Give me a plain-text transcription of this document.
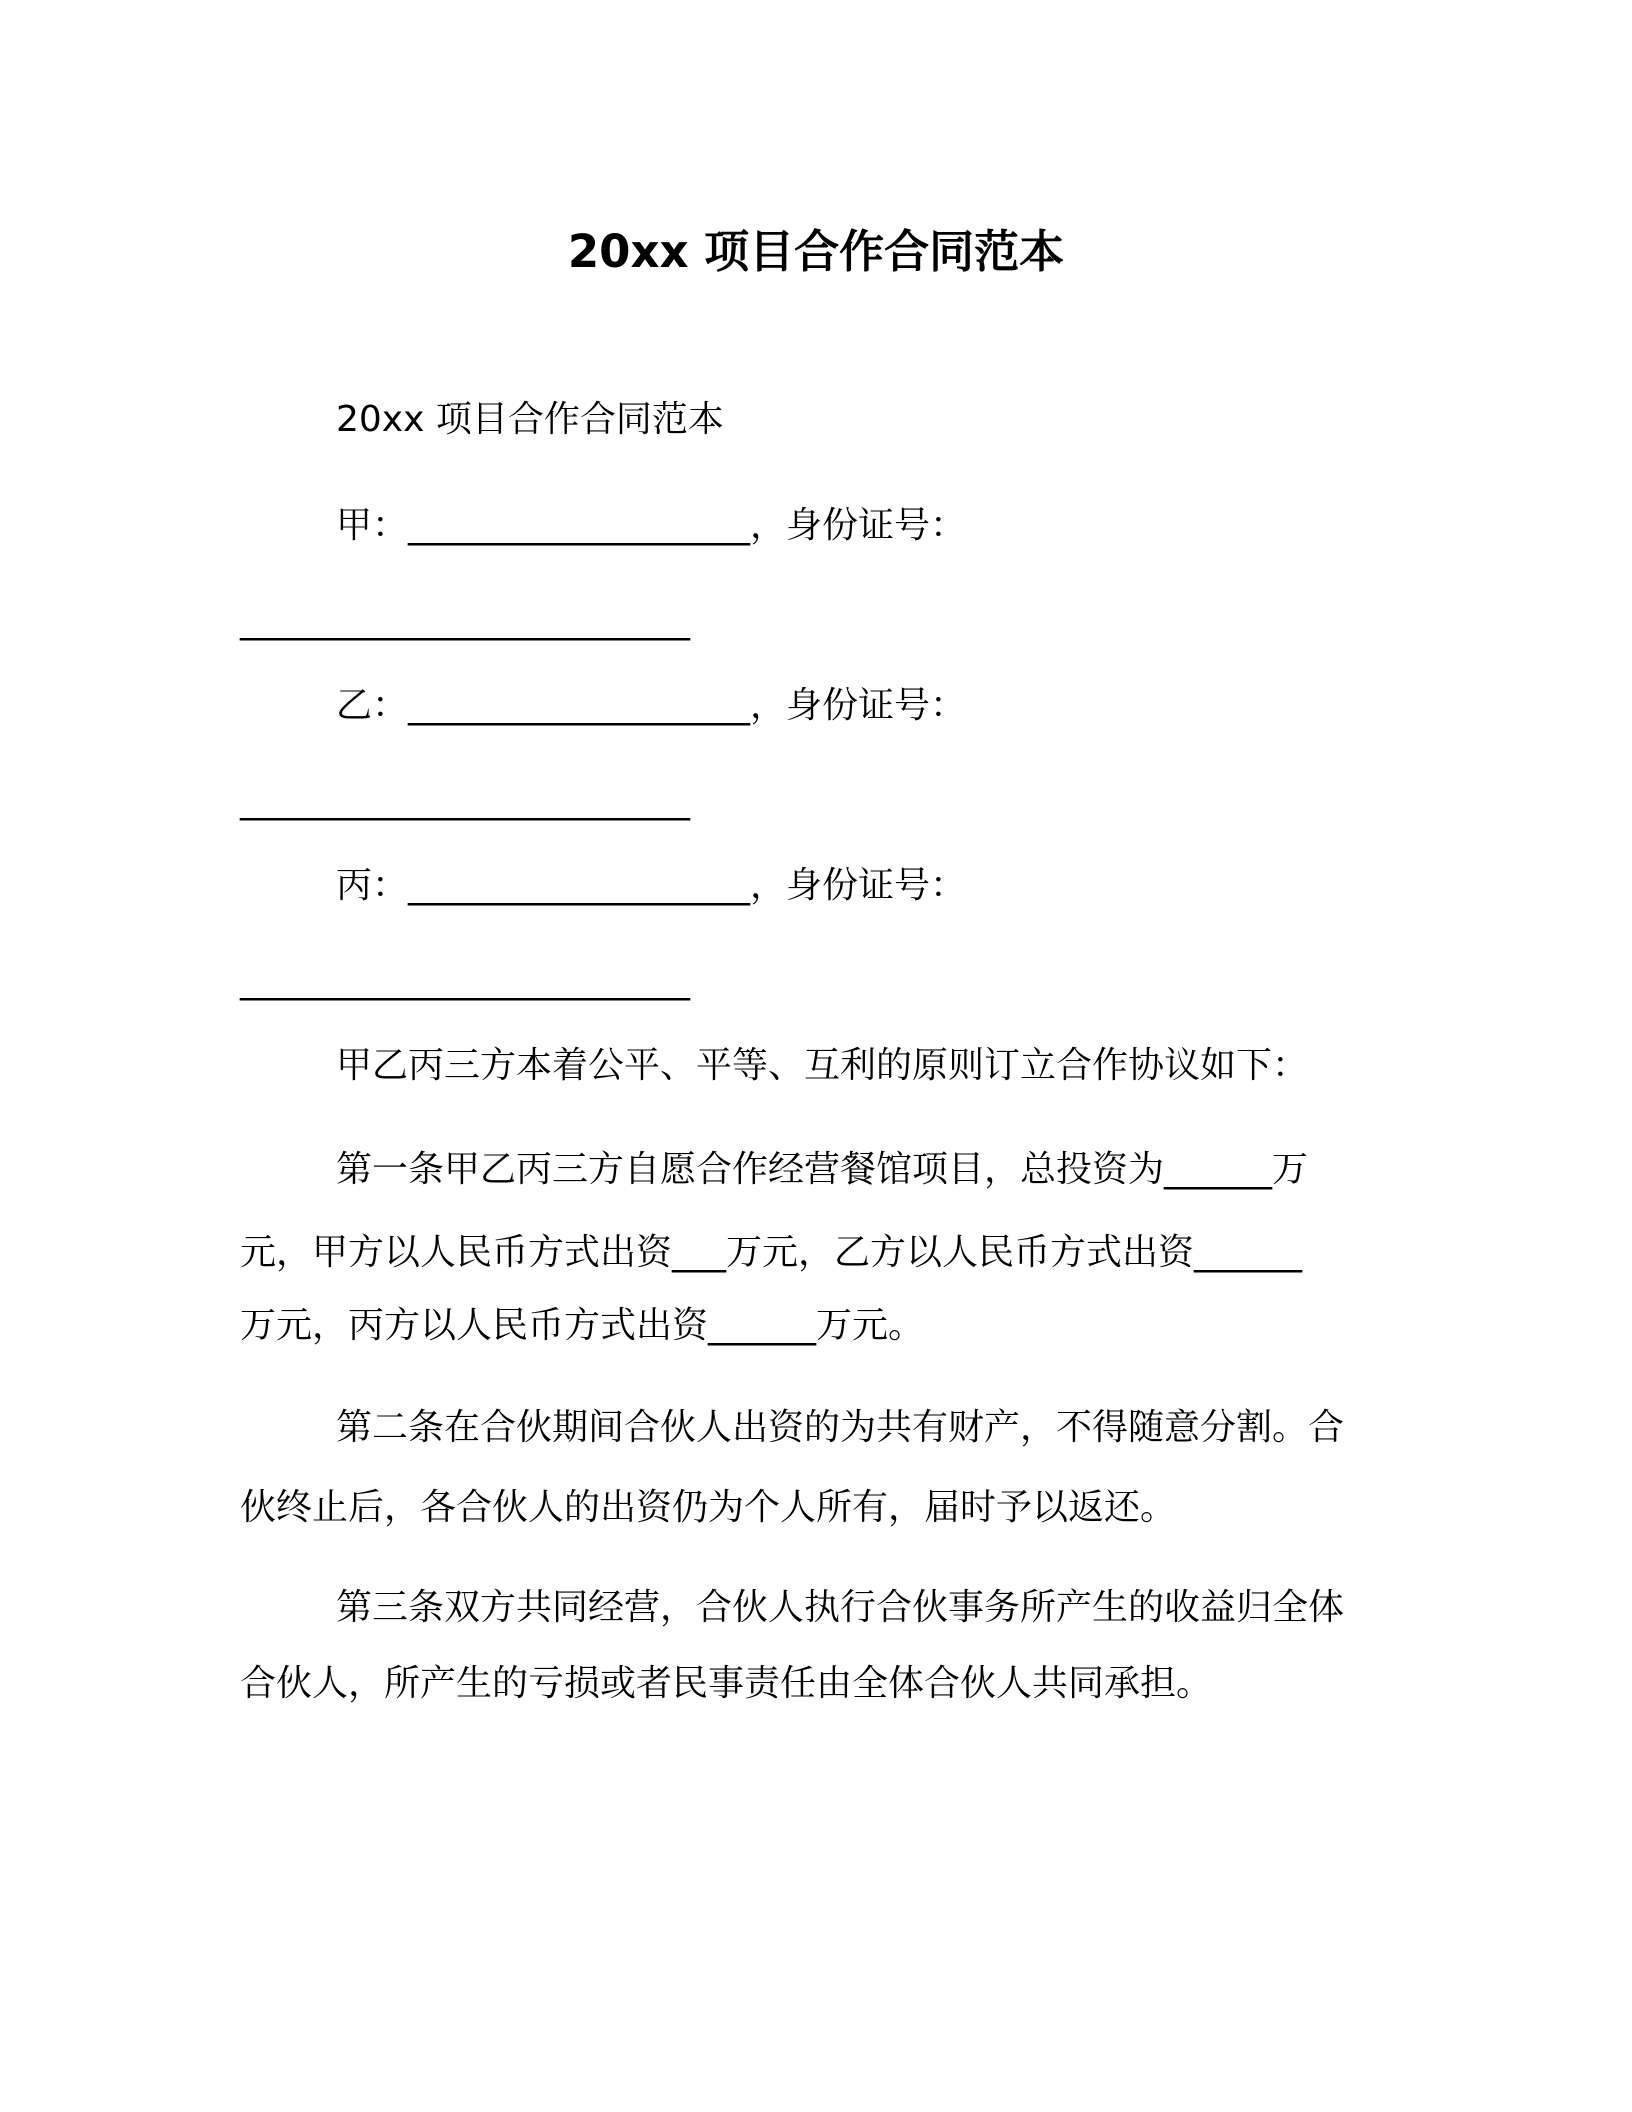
20xx 项目合作合同范本
20xx 项目合作合同范本
甲：___________________，身份证号：
_________________________
乙：___________________，身份证号：
_________________________
丙：___________________，身份证号：
_________________________
甲乙丙三方本着公平、平等、互利的原则订立合作协议如下：
第一条甲乙丙三方自愿合作经营餐馆项目，总投资为______万
元，甲方以人民币方式出资___万元，乙方以人民币方式出资______
万元，丙方以人民币方式出资______万元。
第二条在合伙期间合伙人出资的为共有财产，不得随意分割。合
伙终止后，各合伙人的出资仍为个人所有，届时予以返还。
第三条双方共同经营，合伙人执行合伙事务所产生的收益归全体
合伙人，所产生的亏损或者民事责任由全体合伙人共同承担。
